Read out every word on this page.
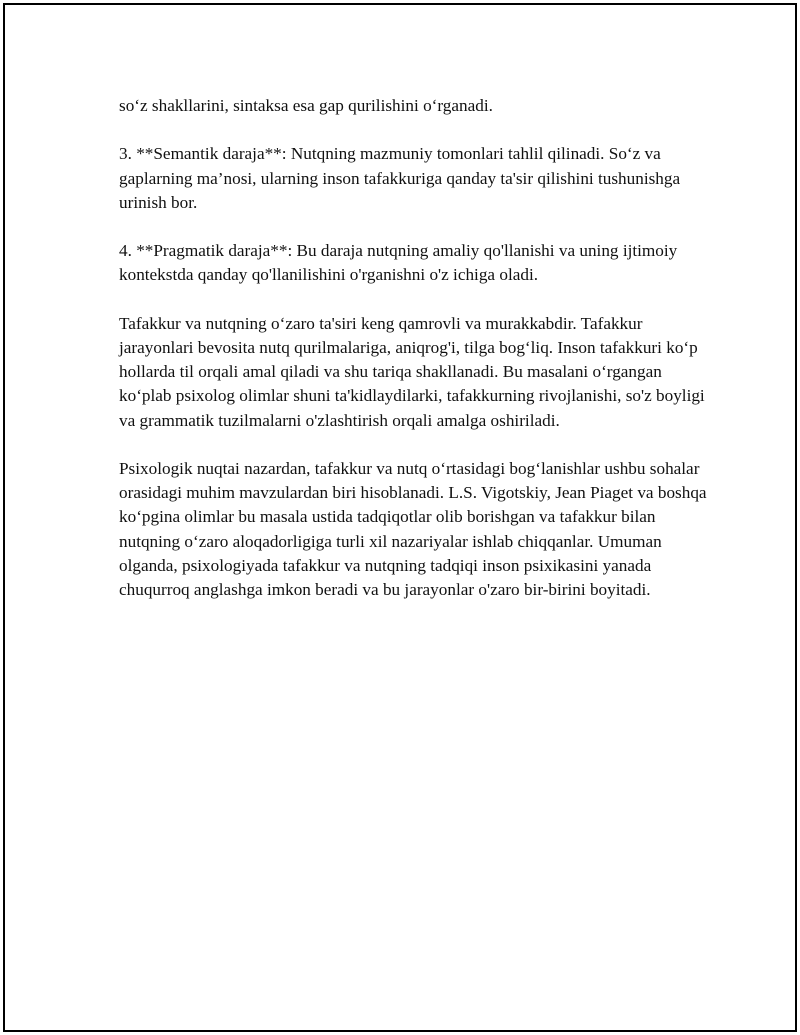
so‘z shakllarini, sintaksa esa gap qurilishini o‘rganadi.

3. **Semantik daraja**: Nutqning mazmuniy tomonlari tahlil qilinadi. So‘z va gaplarning ma’nosi, ularning inson tafakkuriga qanday ta'sir qilishini tushunishga urinish bor.

4. **Pragmatik daraja**: Bu daraja nutqning amaliy qo'llanishi va uning ijtimoiy kontekstda qanday qo'llanilishini o'rganishni o'z ichiga oladi.

Tafakkur va nutqning o‘zaro ta'siri keng qamrovli va murakkabdir. Tafakkur jarayonlari bevosita nutq qurilmalariga, aniqrog'i, tilga bog‘liq. Inson tafakkuri ko‘p hollarda til orqali amal qiladi va shu tariqa shakllanadi. Bu masalani o‘rgangan ko‘plab psixolog olimlar shuni ta'kidlaydilarki, tafakkurning rivojlanishi, so'z boyligi va grammatik tuzilmalarni o'zlashtirish orqali amalga oshiriladi.

Psixologik nuqtai nazardan, tafakkur va nutq o‘rtasidagi bog‘lanishlar ushbu sohalar orasidagi muhim mavzulardan biri hisoblanadi. L.S. Vigotskiy, Jean Piaget va boshqa ko‘pgina olimlar bu masala ustida tadqiqotlar olib borishgan va tafakkur bilan nutqning o‘zaro aloqadorligiga turli xil nazariyalar ishlab chiqqanlar. Umuman olganda, psixologiyada tafakkur va nutqning tadqiqi inson psixikasini yanada chuqurroq anglashga imkon beradi va bu jarayonlar o'zaro bir-birini boyitadi.
